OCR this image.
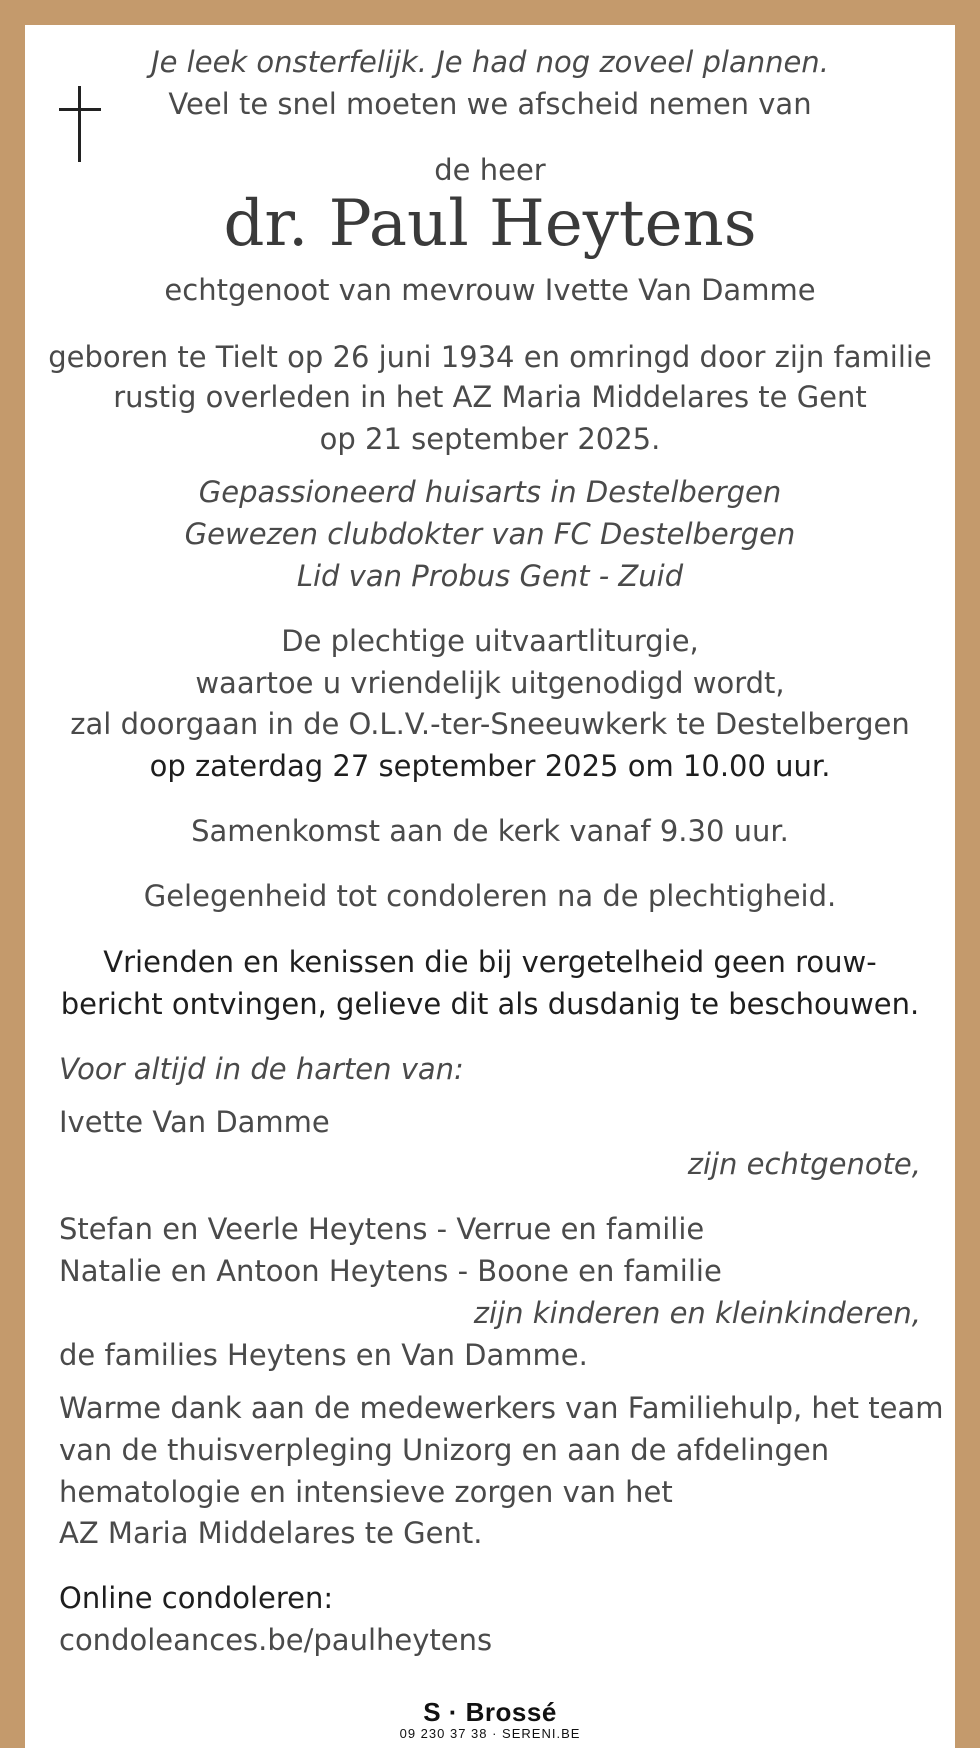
Je leek onsterfelijk. Je had nog zoveel plannen.
Veel te snel moeten we afscheid nemen van
de heer
dr. Paul Heytens
echtgenoot van mevrouw Ivette Van Damme
geboren te Tielt op 26 juni 1934 en omringd door zijn familie
rustig overleden in het AZ Maria Middelares te Gent
op 21 september 2025.
Gepassioneerd huisarts in Destelbergen
Gewezen clubdokter van FC Destelbergen
Lid van Probus Gent - Zuid
De plechtige uitvaartliturgie,
waartoe u vriendelijk uitgenodigd wordt,
zal doorgaan in de O.L.V.-ter-Sneeuwkerk te Destelbergen
op zaterdag 27 september 2025 om 10.00 uur.
Samenkomst aan de kerk vanaf 9.30 uur.
Gelegenheid tot condoleren na de plechtigheid.
Vrienden en kenissen die bij vergetelheid geen rouw-
bericht ontvingen, gelieve dit als dusdanig te beschouwen.
Voor altijd in de harten van:
Ivette Van Damme
zijn echtgenote,
Stefan en Veerle Heytens - Verrue en familie
Natalie en Antoon Heytens - Boone en familie
zijn kinderen en kleinkinderen,
de families Heytens en Van Damme.
Warme dank aan de medewerkers van Familiehulp, het team
van de thuisverpleging Unizorg en aan de afdelingen
hematologie en intensieve zorgen van het
AZ Maria Middelares te Gent.
Online condoleren:
condoleances.be/paulheytens
S · Brossé
09 230 37 38 · SERENI.BE
